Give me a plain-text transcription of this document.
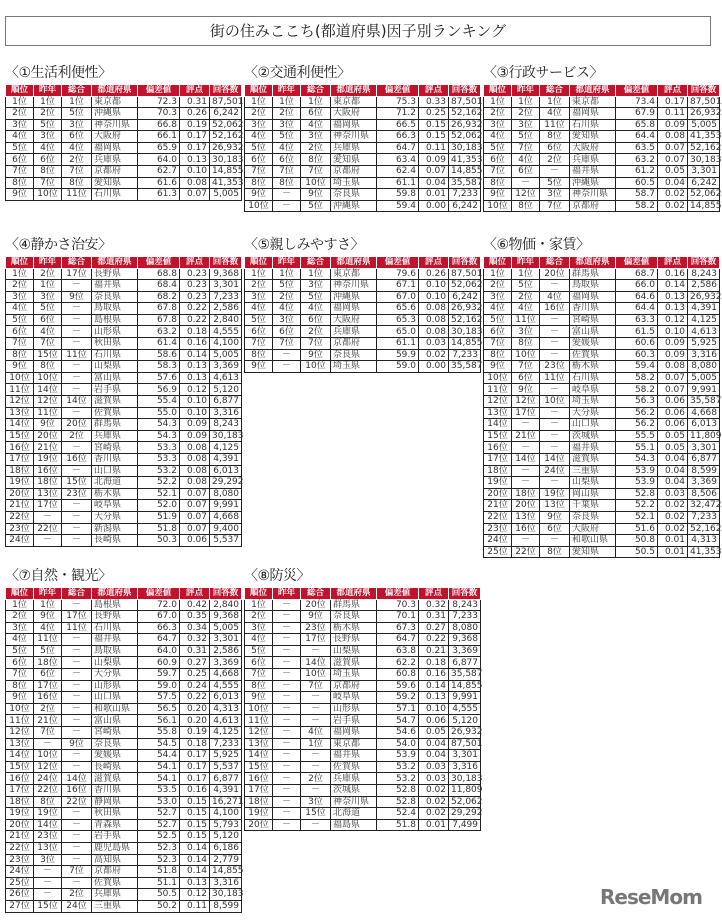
街の住みここち(都道府県)因子別ランキング
〈①生活利便性〉
順位	昨年	総合	都道府県	偏差値	評点	回答数
1位	1位	1位	東京都	72.3	0.31	87,501
2位	2位	5位	沖縄県	70.3	0.26	6,242
3位	5位	3位	神奈川県	66.8	0.19	52,062
4位	3位	6位	大阪府	66.1	0.17	52,162
5位	4位	4位	福岡県	65.9	0.17	26,932
6位	6位	2位	兵庫県	64.0	0.13	30,183
7位	8位	7位	京都府	62.7	0.10	14,855
8位	7位	8位	愛知県	61.6	0.08	41,353
9位	10位	11位	石川県	61.3	0.07	5,005
〈②交通利便性〉
順位	昨年	総合	都道府県	偏差値	評点	回答数
1位	1位	1位	東京都	75.3	0.33	87,501
2位	2位	6位	大阪府	71.2	0.25	52,162
3位	3位	4位	福岡県	66.5	0.15	26,932
4位	5位	3位	神奈川県	66.3	0.15	52,062
5位	4位	2位	兵庫県	64.7	0.11	30,183
6位	6位	8位	愛知県	63.4	0.09	41,353
7位	7位	7位	京都府	62.4	0.07	14,855
8位	8位	10位	埼玉県	61.1	0.04	35,587
9位	－	9位	奈良県	59.8	0.01	7,233
10位	－	5位	沖縄県	59.4	0.00	6,242
〈③行政サービス〉
順位	昨年	総合	都道府県	偏差値	評点	回答数
1位	1位	1位	東京都	73.4	0.17	87,501
2位	2位	4位	福岡県	67.9	0.11	26,932
3位	3位	11位	石川県	65.8	0.09	5,005
4位	5位	8位	愛知県	64.4	0.08	41,353
5位	7位	6位	大阪府	63.5	0.07	52,162
6位	4位	2位	兵庫県	63.2	0.07	30,183
7位	6位	－	福井県	61.2	0.05	3,301
8位	－	5位	沖縄県	60.5	0.04	6,242
9位	12位	3位	神奈川県	58.7	0.02	52,062
10位	8位	7位	京都府	58.2	0.02	14,855
〈④静かさ治安〉
順位	昨年	総合	都道府県	偏差値	評点	回答数
1位	2位	17位	長野県	68.8	0.23	9,368
2位	1位	－	福井県	68.4	0.23	3,301
3位	3位	9位	奈良県	68.2	0.23	7,233
4位	5位	－	鳥取県	67.8	0.22	2,586
5位	6位	－	島根県	67.8	0.22	2,840
6位	4位	－	山形県	63.2	0.18	4,555
7位	7位	－	秋田県	61.4	0.16	4,100
8位	15位	11位	石川県	58.6	0.14	5,005
9位	8位	－	山梨県	58.3	0.13	3,369
10位	10位	－	富山県	57.6	0.13	4,613
11位	14位	－	岩手県	56.9	0.12	5,120
12位	12位	14位	滋賀県	55.4	0.10	6,877
13位	11位	－	佐賀県	55.0	0.10	3,316
14位	9位	20位	群馬県	54.3	0.09	8,243
15位	20位	2位	兵庫県	54.3	0.09	30,183
16位	21位	－	宮崎県	53.3	0.08	4,125
17位	19位	16位	香川県	53.3	0.08	4,391
18位	16位	－	山口県	53.2	0.08	6,013
19位	18位	15位	北海道	52.2	0.08	29,292
20位	13位	23位	栃木県	52.1	0.07	8,080
21位	17位	－	岐阜県	52.0	0.07	9,991
22位	－	－	大分県	51.9	0.07	4,668
23位	22位	－	新潟県	51.8	0.07	9,400
24位	－	－	長崎県	50.3	0.06	5,537
〈⑤親しみやすさ〉
順位	昨年	総合	都道府県	偏差値	評点	回答数
1位	1位	1位	東京都	79.6	0.26	87,501
2位	5位	3位	神奈川県	67.1	0.10	52,062
3位	2位	5位	沖縄県	67.0	0.10	6,242
4位	4位	4位	福岡県	65.6	0.08	26,932
5位	3位	6位	大阪府	65.3	0.08	52,162
6位	6位	2位	兵庫県	65.0	0.08	30,183
7位	7位	7位	京都府	61.1	0.03	14,855
8位	－	9位	奈良県	59.9	0.02	7,233
9位	－	10位	埼玉県	59.0	0.00	35,587
〈⑥物価・家賃〉
順位	昨年	総合	都道府県	偏差値	評点	回答数
1位	1位	20位	群馬県	68.7	0.16	8,243
2位	5位	－	鳥取県	66.0	0.14	2,586
3位	2位	4位	福岡県	64.6	0.13	26,932
4位	4位	16位	香川県	64.4	0.13	4,391
5位	11位	－	宮崎県	63.3	0.12	4,125
6位	3位	－	富山県	61.5	0.10	4,613
7位	8位	－	愛媛県	60.6	0.09	5,925
8位	10位	－	佐賀県	60.3	0.09	3,316
9位	7位	23位	栃木県	59.4	0.08	8,080
10位	6位	11位	石川県	58.2	0.07	5,005
11位	9位	－	岐阜県	58.2	0.07	9,991
12位	12位	10位	埼玉県	56.3	0.06	35,587
13位	17位	－	大分県	56.2	0.06	4,668
14位	－	－	山口県	56.2	0.06	6,013
15位	21位	－	茨城県	55.5	0.05	11,809
16位	－	－	福井県	55.1	0.05	3,301
17位	14位	14位	滋賀県	54.3	0.04	6,877
18位	－	24位	三重県	53.9	0.04	8,599
19位	－	－	山梨県	53.9	0.04	3,369
20位	18位	19位	岡山県	52.8	0.03	8,506
21位	20位	13位	千葉県	52.2	0.02	32,472
22位	13位	9位	奈良県	52.1	0.02	7,233
23位	16位	6位	大阪府	51.6	0.02	52,162
24位	－	－	和歌山県	50.8	0.01	4,313
25位	22位	8位	愛知県	50.5	0.01	41,353
〈⑦自然・観光〉
順位	昨年	総合	都道府県	偏差値	評点	回答数
1位	1位	－	島根県	72.0	0.42	2,840
2位	9位	17位	長野県	67.0	0.35	9,368
3位	4位	11位	石川県	66.3	0.34	5,005
4位	11位	－	福井県	64.7	0.32	3,301
5位	5位	－	鳥取県	64.0	0.31	2,586
6位	18位	－	山梨県	60.9	0.27	3,369
7位	6位	－	大分県	59.7	0.25	4,668
8位	17位	－	山形県	59.0	0.24	4,555
9位	16位	－	山口県	57.5	0.22	6,013
10位	2位	－	和歌山県	56.5	0.20	4,313
11位	21位	－	富山県	56.1	0.20	4,613
12位	7位	－	宮崎県	55.8	0.19	4,125
13位	－	9位	奈良県	54.5	0.18	7,233
14位	10位	－	愛媛県	54.4	0.17	5,925
15位	12位	－	長崎県	54.1	0.17	5,537
16位	24位	14位	滋賀県	54.1	0.17	6,877
17位	22位	16位	香川県	53.5	0.16	4,391
18位	8位	22位	静岡県	53.0	0.15	16,271
19位	19位	－	秋田県	52.7	0.15	4,100
20位	14位	－	青森県	52.7	0.15	5,793
21位	23位	－	岩手県	52.5	0.15	5,120
22位	13位	－	鹿児島県	52.3	0.14	6,186
23位	3位	－	高知県	52.3	0.14	2,779
24位	－	7位	京都府	51.8	0.14	14,855
25位	－	－	佐賀県	51.1	0.13	3,316
26位	－	2位	兵庫県	50.5	0.12	30,183
27位	15位	24位	三重県	50.2	0.11	8,599
〈⑧防災〉
順位	昨年	総合	都道府県	偏差値	評点	回答数
1位	－	20位	群馬県	70.3	0.32	8,243
2位	－	9位	奈良県	70.1	0.31	7,233
3位	－	23位	栃木県	67.3	0.27	8,080
4位	－	17位	長野県	64.7	0.22	9,368
5位	－	－	山梨県	63.8	0.21	3,369
6位	－	14位	滋賀県	62.2	0.18	6,877
7位	－	10位	埼玉県	60.8	0.16	35,587
8位	－	7位	京都府	59.6	0.14	14,855
9位	－	－	岐阜県	59.2	0.13	9,991
10位	－	－	山形県	57.1	0.10	4,555
11位	－	－	岩手県	54.7	0.06	5,120
12位	－	4位	福岡県	54.6	0.05	26,932
13位	－	1位	東京都	54.0	0.04	87,501
14位	－	－	福井県	53.9	0.04	3,301
15位	－	－	佐賀県	53.2	0.03	3,316
16位	－	2位	兵庫県	53.2	0.03	30,183
17位	－	－	茨城県	52.8	0.02	11,809
18位	－	3位	神奈川県	52.8	0.02	52,062
19位	－	15位	北海道	52.4	0.02	29,292
20位	－	－	福島県	51.8	0.01	7,499
ReseMom
